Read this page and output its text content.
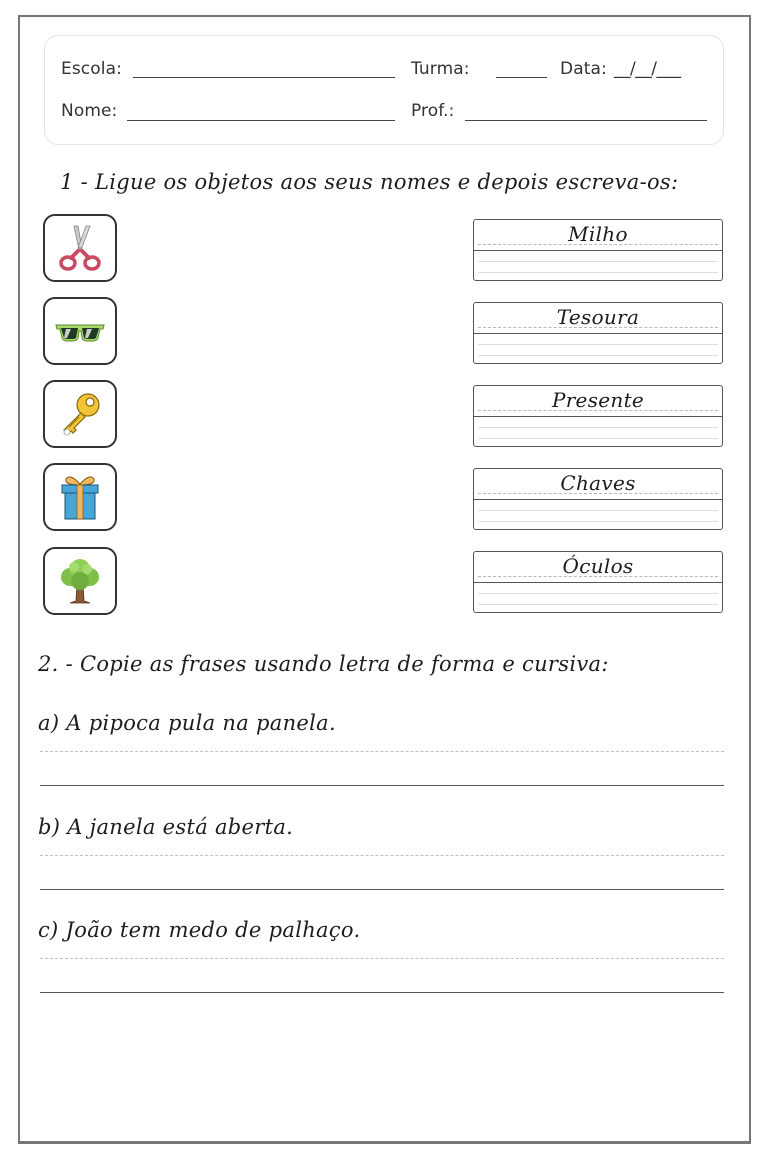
Escola:	Turma:	Data: __/__/___
Nome:	Prof.:
1 - Ligue os objetos aos seus nomes e depois escreva-os:
Milho
Tesoura
Presente
Chaves
Óculos
2. - Copie as frases usando letra de forma e cursiva:
a) A pipoca pula na panela.
b) A janela está aberta.
c) João tem medo de palhaço.
